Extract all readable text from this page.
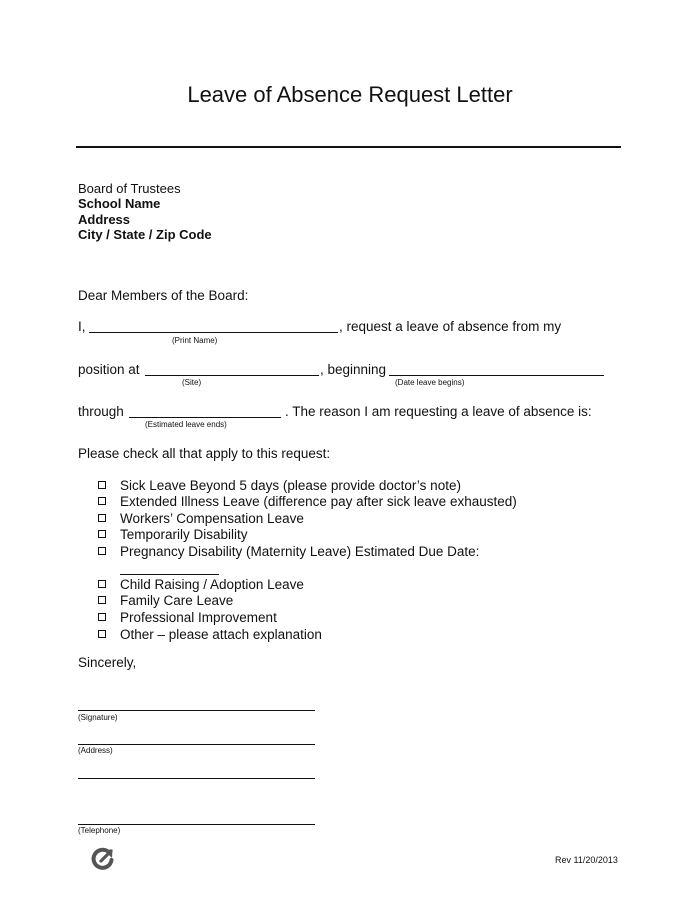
Leave of Absence Request Letter
Board of Trustees
School Name
Address
City / State / Zip Code
Dear Members of the Board:
I,	, request a leave of absence from my
(Print Name)
position at	, beginning
(Site)	(Date leave begins)
through	. The reason I am requesting a leave of absence is:
(Estimated leave ends)
Please check all that apply to this request:
Sick Leave Beyond 5 days (please provide doctor’s note)
Extended Illness Leave (difference pay after sick leave exhausted)
Workers’ Compensation Leave
Temporarily Disability
Pregnancy Disability (Maternity Leave) Estimated Due Date:
Child Raising / Adoption Leave
Family Care Leave
Professional Improvement
Other – please attach explanation
Sincerely,
(Signature)
(Address)
(Telephone)
Rev 11/20/2013
